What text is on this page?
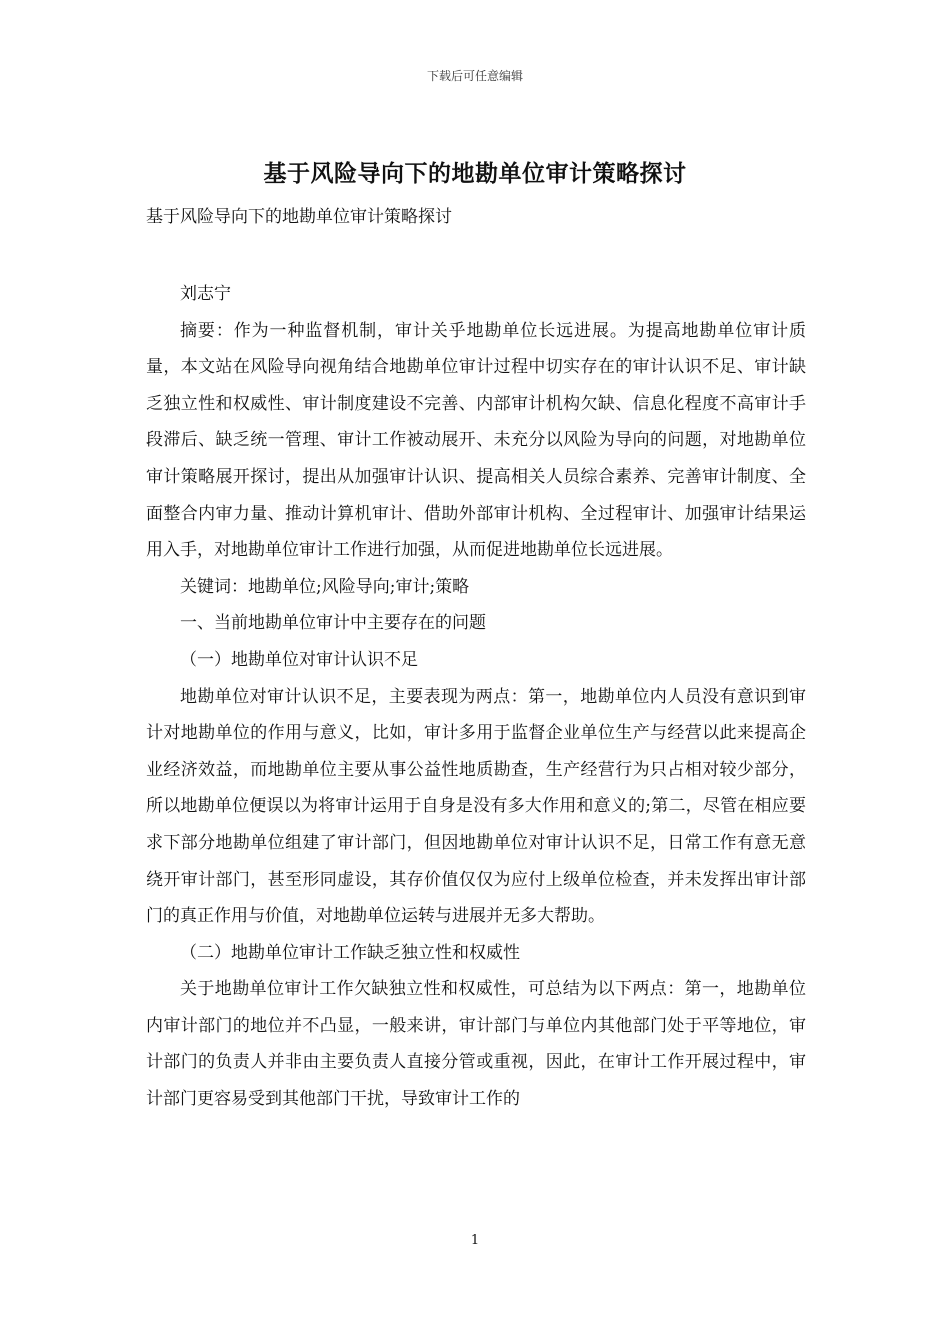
下载后可任意编辑
基于风险导向下的地勘单位审计策略探讨

基于风险导向下的地勘单位审计策略探讨

刘志宁

摘要：作为一种监督机制，审计关乎地勘单位长远进展。为提高地勘单位审计质量，本文站在风险导向视角结合地勘单位审计过程中切实存在的审计认识不足、审计缺乏独立性和权威性、审计制度建设不完善、内部审计机构欠缺、信息化程度不高审计手段滞后、缺乏统一管理、审计工作被动展开、未充分以风险为导向的问题，对地勘单位审计策略展开探讨，提出从加强审计认识、提高相关人员综合素养、完善审计制度、全面整合内审力量、推动计算机审计、借助外部审计机构、全过程审计、加强审计结果运用入手，对地勘单位审计工作进行加强，从而促进地勘单位长远进展。

关键词：地勘单位;风险导向;审计;策略

一、当前地勘单位审计中主要存在的问题

（一）地勘单位对审计认识不足

地勘单位对审计认识不足，主要表现为两点：第一，地勘单位内人员没有意识到审计对地勘单位的作用与意义，比如，审计多用于监督企业单位生产与经营以此来提高企业经济效益，而地勘单位主要从事公益性地质勘查，生产经营行为只占相对较少部分，所以地勘单位便误以为将审计运用于自身是没有多大作用和意义的;第二，尽管在相应要求下部分地勘单位组建了审计部门，但因地勘单位对审计认识不足，日常工作有意无意绕开审计部门，甚至形同虚设，其存价值仅仅为应付上级单位检查，并未发挥出审计部门的真正作用与价值，对地勘单位运转与进展并无多大帮助。

（二）地勘单位审计工作缺乏独立性和权威性

关于地勘单位审计工作欠缺独立性和权威性，可总结为以下两点：第一，地勘单位内审计部门的地位并不凸显，一般来讲，审计部门与单位内其他部门处于平等地位，审计部门的负责人并非由主要负责人直接分管或重视，因此，在审计工作开展过程中，审计部门更容易受到其他部门干扰，导致审计工作的

1
